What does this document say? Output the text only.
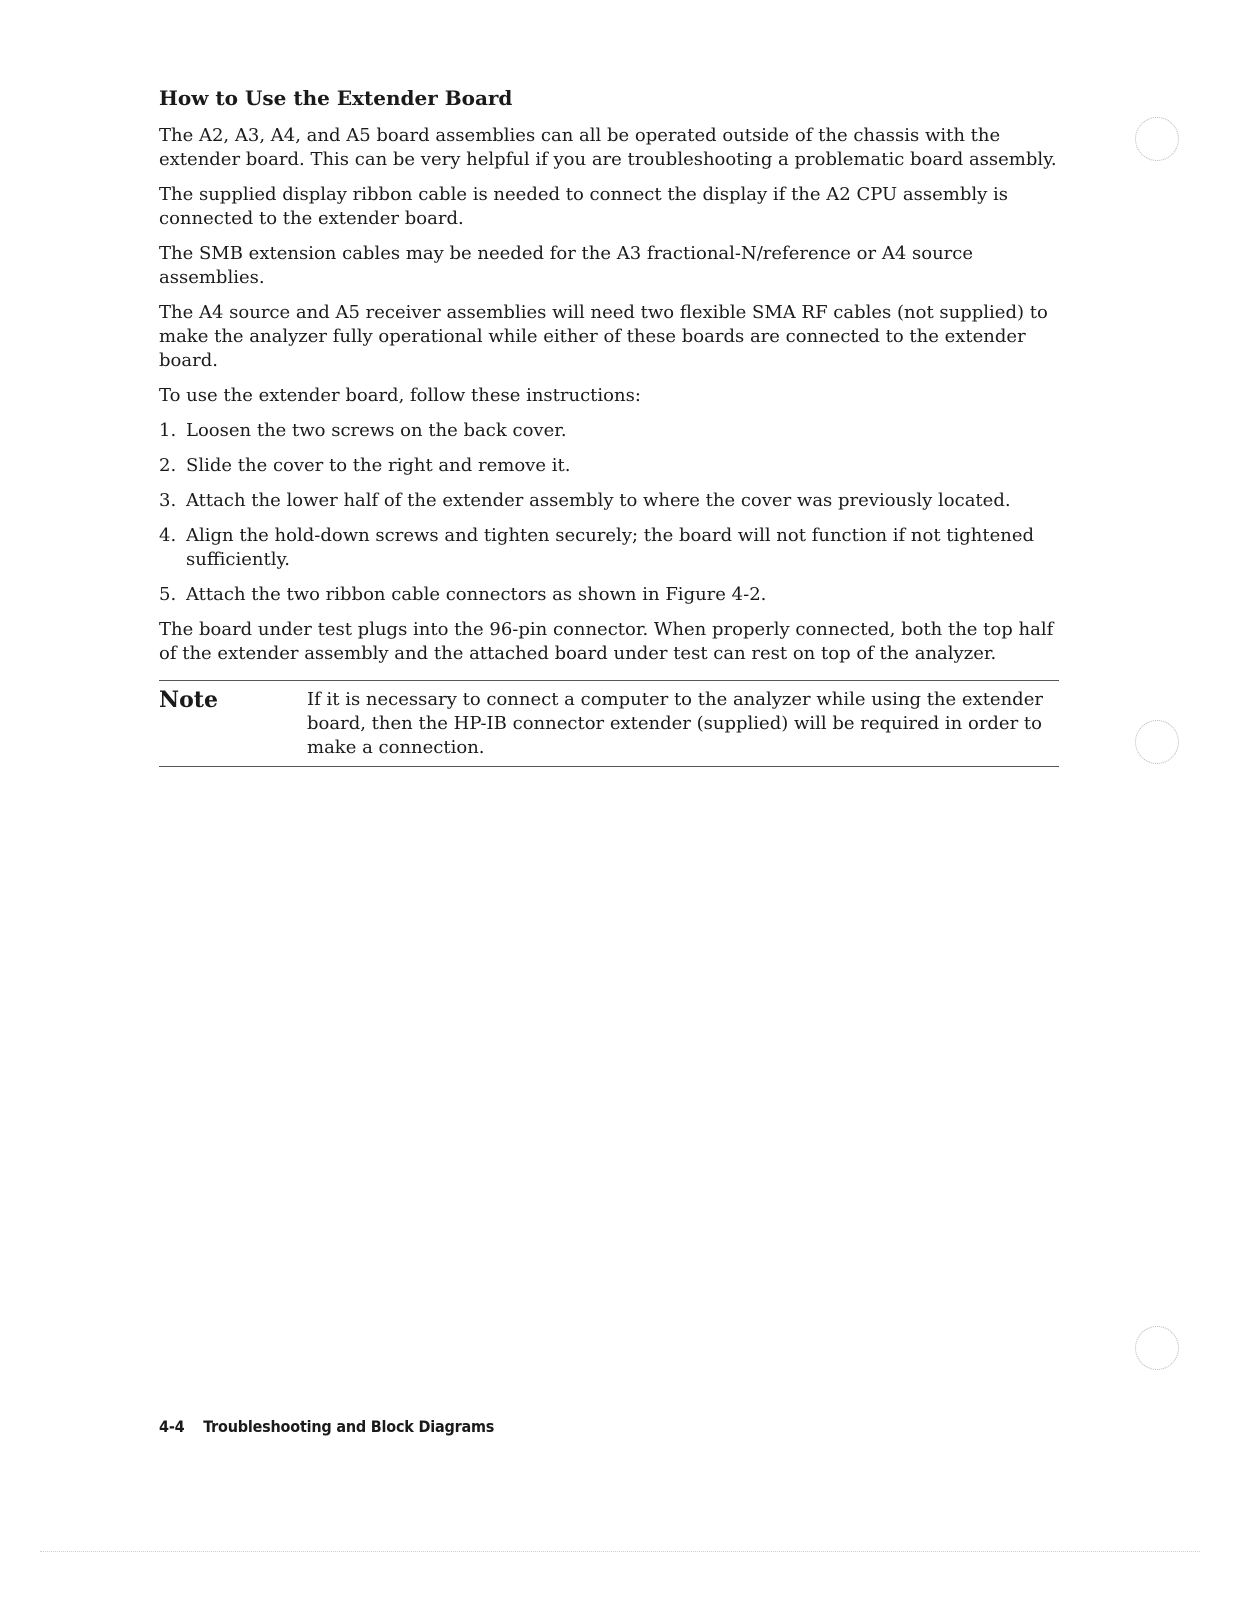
How to Use the Extender Board

The A2, A3, A4, and A5 board assemblies can all be operated outside of the chassis with the extender board. This can be very helpful if you are troubleshooting a problematic board assembly.

The supplied display ribbon cable is needed to connect the display if the A2 CPU assembly is connected to the extender board.

The SMB extension cables may be needed for the A3 fractional-N/reference or A4 source assemblies.

The A4 source and A5 receiver assemblies will need two flexible SMA RF cables (not supplied) to make the analyzer fully operational while either of these boards are connected to the extender board.

To use the extender board, follow these instructions:

1. Loosen the two screws on the back cover.
2. Slide the cover to the right and remove it.
3. Attach the lower half of the extender assembly to where the cover was previously located.
4. Align the hold-down screws and tighten securely; the board will not function if not tightened sufficiently.
5. Attach the two ribbon cable connectors as shown in Figure 4-2.

The board under test plugs into the 96-pin connector. When properly connected, both the top half of the extender assembly and the attached board under test can rest on top of the analyzer.

Note	If it is necessary to connect a computer to the analyzer while using the extender board, then the HP-IB connector extender (supplied) will be required in order to make a connection.
4-4 Troubleshooting and Block Diagrams
